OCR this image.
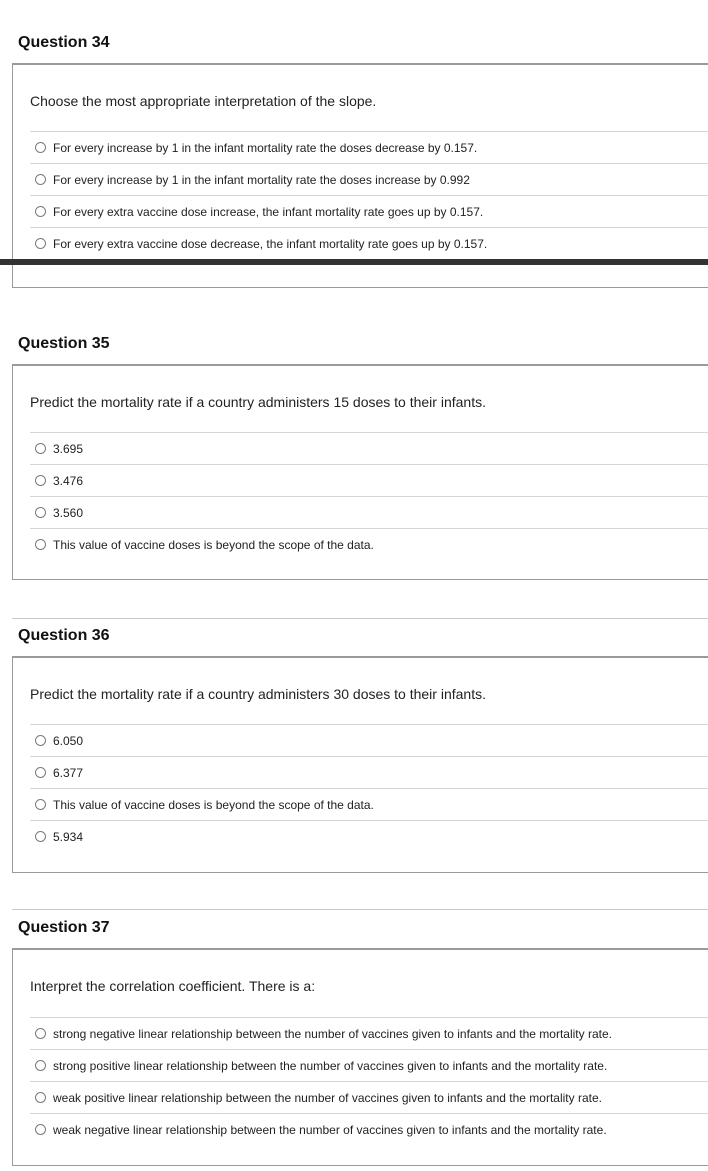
Question 34
Choose the most appropriate interpretation of the slope.
For every increase by 1 in the infant mortality rate the doses decrease by 0.157.
For every increase by 1 in the infant mortality rate the doses increase by 0.992
For every extra vaccine dose increase, the infant mortality rate goes up by 0.157.
For every extra vaccine dose decrease, the infant mortality rate goes up by 0.157.
Question 35
Predict the mortality rate if a country administers 15 doses to their infants.
3.695
3.476
3.560
This value of vaccine doses is beyond the scope of the data.
Question 36
Predict the mortality rate if a country administers 30 doses to their infants.
6.050
6.377
This value of vaccine doses is beyond the scope of the data.
5.934
Question 37
Interpret the correlation coefficient. There is a:
strong negative linear relationship between the number of vaccines given to infants and the mortality rate.
strong positive linear relationship between the number of vaccines given to infants and the mortality rate.
weak positive linear relationship between the number of vaccines given to infants and the mortality rate.
weak negative linear relationship between the number of vaccines given to infants and the mortality rate.
